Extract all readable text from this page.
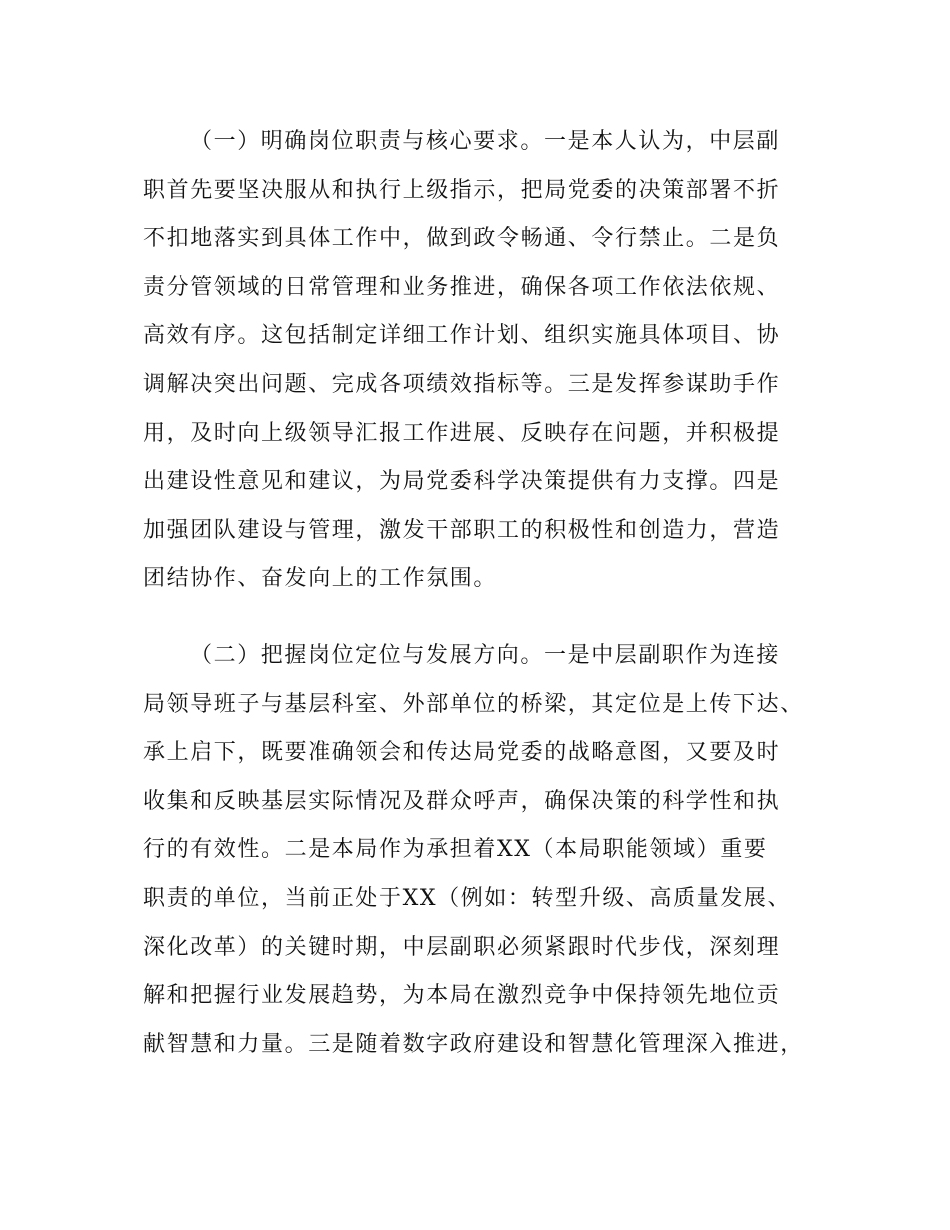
（一）明确岗位职责与核心要求。一是本人认为，中层副
职首先要坚决服从和执行上级指示，把局党委的决策部署不折
不扣地落实到具体工作中，做到政令畅通、令行禁止。二是负
责分管领域的日常管理和业务推进，确保各项工作依法依规、
高效有序。这包括制定详细工作计划、组织实施具体项目、协
调解决突出问题、完成各项绩效指标等。三是发挥参谋助手作
用，及时向上级领导汇报工作进展、反映存在问题，并积极提
出建设性意见和建议，为局党委科学决策提供有力支撑。四是
加强团队建设与管理，激发干部职工的积极性和创造力，营造
团结协作、奋发向上的工作氛围。
（二）把握岗位定位与发展方向。一是中层副职作为连接
局领导班子与基层科室、外部单位的桥梁，其定位是上传下达、
承上启下，既要准确领会和传达局党委的战略意图，又要及时
收集和反映基层实际情况及群众呼声，确保决策的科学性和执
行的有效性。二是本局作为承担着XX（本局职能领域）重要
职责的单位，当前正处于XX（例如：转型升级、高质量发展、
深化改革）的关键时期，中层副职必须紧跟时代步伐，深刻理
解和把握行业发展趋势，为本局在激烈竞争中保持领先地位贡
献智慧和力量。三是随着数字政府建设和智慧化管理深入推进，
